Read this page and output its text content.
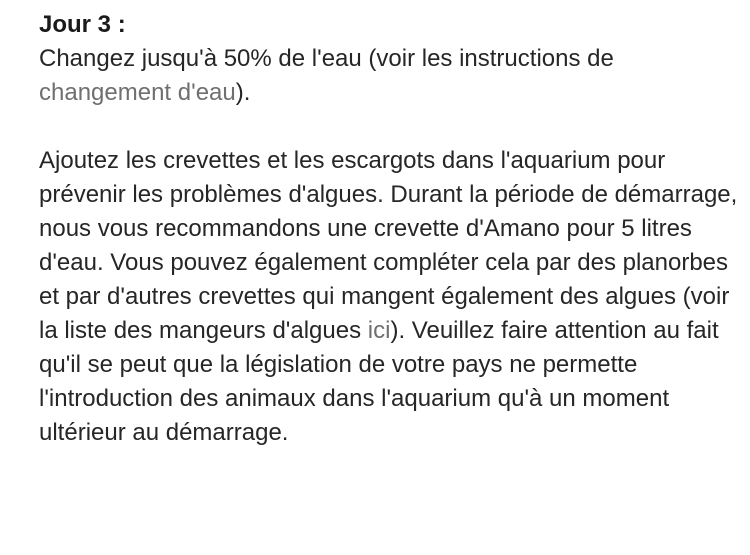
Jour 3 :

Changez jusqu'à 50% de l'eau (voir les instructions de changement d'eau).

Ajoutez les crevettes et les escargots dans l'aquarium pour prévenir les problèmes d'algues. Durant la période de démarrage, nous vous recommandons une crevette d'Amano pour 5 litres d'eau. Vous pouvez également compléter cela par des planorbes et par d'autres crevettes qui mangent également des algues (voir la liste des mangeurs d'algues ici). Veuillez faire attention au fait qu'il se peut que la législation de votre pays ne permette l'introduction des animaux dans l'aquarium qu'à un moment ultérieur au démarrage.
